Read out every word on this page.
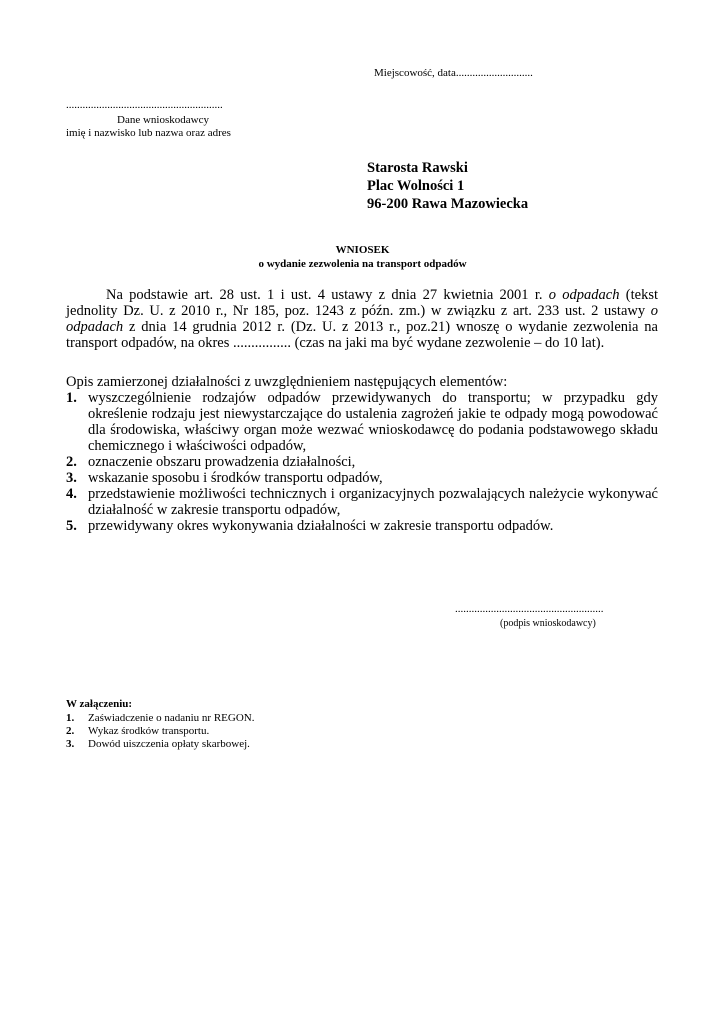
Miejscowość, data............................
.........................................................
Dane wnioskodawcy
imię i nazwisko lub nazwa oraz adres
Starosta Rawski
Plac Wolności 1
96-200 Rawa Mazowiecka
WNIOSEK
o wydanie zezwolenia na transport odpadów
Na podstawie art. 28 ust. 1 i ust. 4 ustawy z dnia 27 kwietnia 2001 r. o odpadach (tekst jednolity Dz. U. z 2010 r., Nr 185, poz. 1243 z późn. zm.) w związku z art. 233 ust. 2 ustawy o odpadach z dnia 14 grudnia 2012 r. (Dz. U. z 2013 r., poz.21) wnoszę o wydanie zezwolenia na transport odpadów, na okres ................ (czas na jaki ma być wydane zezwolenie – do 10 lat).
Opis zamierzonej działalności z uwzględnieniem następujących elementów:
1. wyszczególnienie rodzajów odpadów przewidywanych do transportu; w przypadku gdy określenie rodzaju jest niewystarczające do ustalenia zagrożeń jakie te odpady mogą powodować dla środowiska, właściwy organ może wezwać wnioskodawcę do podania podstawowego składu chemicznego i właściwości odpadów,
2. oznaczenie obszaru prowadzenia działalności,
3. wskazanie sposobu i środków transportu odpadów,
4. przedstawienie możliwości technicznych i organizacyjnych pozwalających należycie wykonywać działalność w zakresie transportu odpadów,
5. przewidywany okres wykonywania działalności w zakresie transportu odpadów.
......................................................
(podpis wnioskodawcy)
W załączeniu:
1. Zaświadczenie o nadaniu nr REGON.
2. Wykaz środków transportu.
3. Dowód uiszczenia opłaty skarbowej.
